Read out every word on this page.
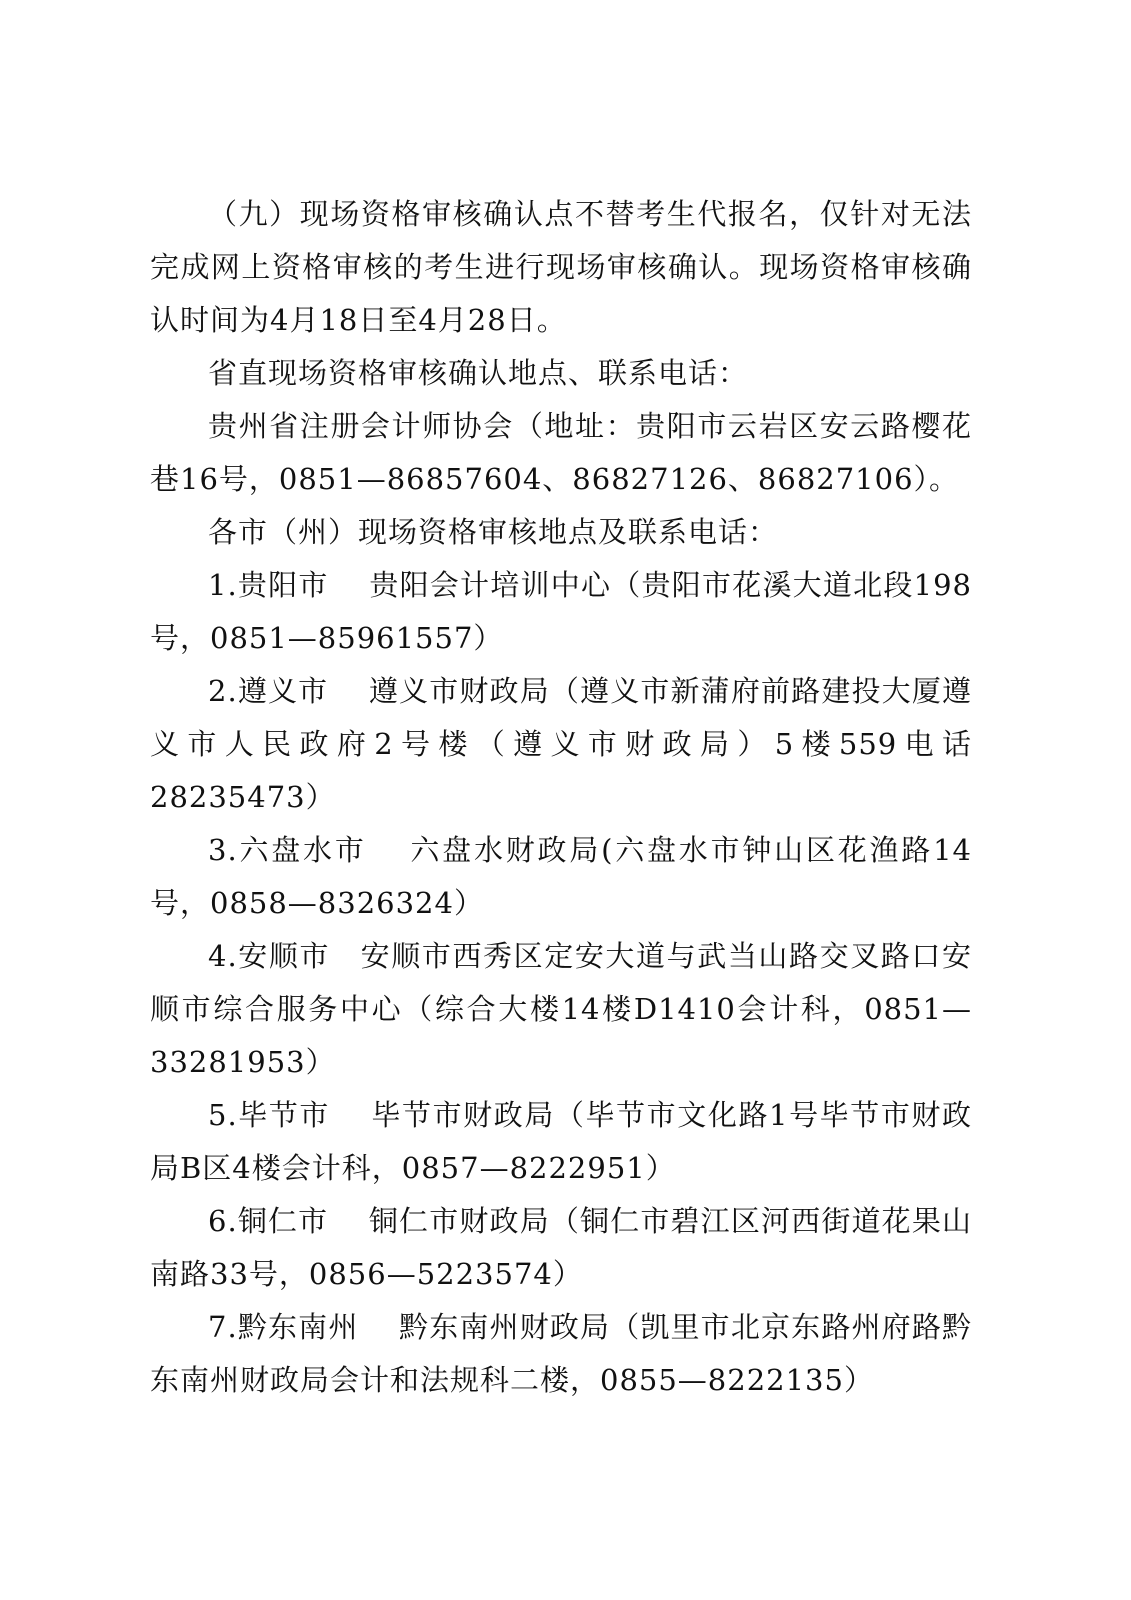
（九）现场资格审核确认点不替考生代报名，仅针对无法完成网上资格审核的考生进行现场审核确认。现场资格审核确认时间为4月18日至4月28日。

省直现场资格审核确认地点、联系电话：

贵州省注册会计师协会（地址：贵阳市云岩区安云路樱花巷16号，0851—86857604、86827126、86827106）。

各市（州）现场资格审核地点及联系电话：

1.贵阳市　 贵阳会计培训中心（贵阳市花溪大道北段198号，0851—85961557）

2.遵义市　 遵义市财政局（遵义市新蒲府前路建投大厦遵义市人民政府2号楼（遵义市财政局）5楼559电话28235473）

3.六盘水市　 六盘水财政局(六盘水市钟山区花渔路14号，0858—8326324）

4.安顺市　安顺市西秀区定安大道与武当山路交叉路口安顺市综合服务中心（综合大楼14楼D1410会计科，0851—33281953）

5.毕节市　 毕节市财政局（毕节市文化路1号毕节市财政局B区4楼会计科，0857—8222951）

6.铜仁市　 铜仁市财政局（铜仁市碧江区河西街道花果山南路33号，0856—5223574）

7.黔东南州　 黔东南州财政局（凯里市北京东路州府路黔东南州财政局会计和法规科二楼，0855—8222135）
